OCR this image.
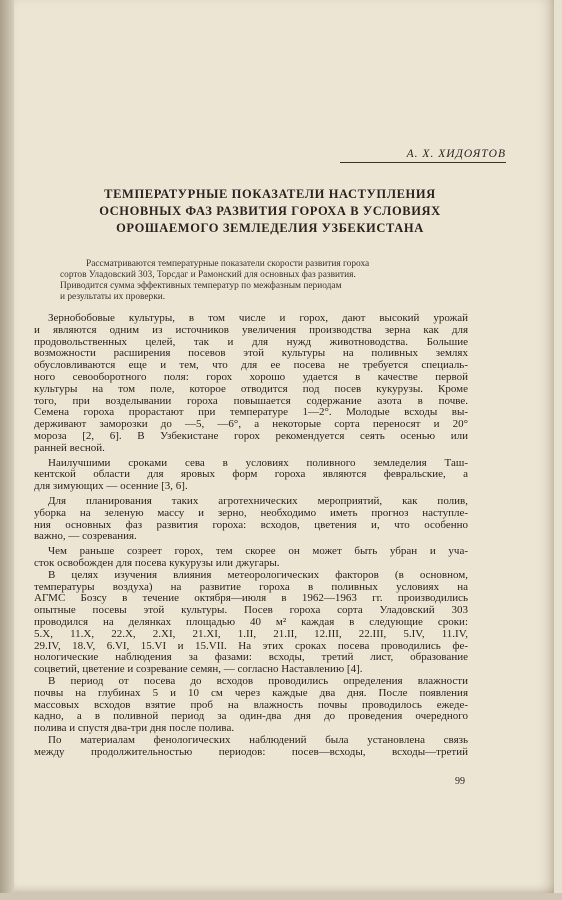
А. Х. ХИДОЯТОВ
ТЕМПЕРАТУРНЫЕ ПОКАЗАТЕЛИ НАСТУПЛЕНИЯ
ОСНОВНЫХ ФАЗ РАЗВИТИЯ ГОРОХА В УСЛОВИЯХ
ОРОШАЕМОГО ЗЕМЛЕДЕЛИЯ УЗБЕКИСТАНА
Рассматриваются температурные показатели скорости развития гороха
сортов Уладовский 303, Торсдаг и Рамонский для основных фаз развития.
Приводится сумма эффективных температур по межфазным периодам
и результаты их проверки.
Зернобобовые культуры, в том числе и горох, дают высокий урожай
и являются одним из источников увеличения производства зерна как для
продовольственных целей, так и для нужд животноводства. Большие
возможности расширения посевов этой культуры на поливных землях
обусловливаются еще и тем, что для ее посева не требуется специаль-
ного севооборотного поля: горох хорошо удается в качестве первой
культуры на том поле, которое отводится под посев кукурузы. Кроме
того, при возделывании гороха повышается содержание азота в почве.
Семена гороха прорастают при температуре 1—2°. Молодые всходы вы-
держивают заморозки до —5, —6°, а некоторые сорта переносят и 20°
мороза [2, 6]. В Узбекистане горох рекомендуется сеять осенью или
ранней весной.
Наилучшими сроками сева в условиях поливного земледелия Таш-
кентской области для яровых форм гороха являются февральские, а
для зимующих — осенние [3, 6].
Для планирования таких агротехнических мероприятий, как полив,
уборка на зеленую массу и зерно, необходимо иметь прогноз наступле-
ния основных фаз развития гороха: всходов, цветения и, что особенно
важно, — созревания.
Чем раньше созреет горох, тем скорее он может быть убран и уча-
сток освобожден для посева кукурузы или джугары.
В целях изучения влияния метеорологических факторов (в основном,
температуры воздуха) на развитие гороха в поливных условиях на
АГМС Бозсу в течение октября—июля в 1962—1963 гг. производились
опытные посевы этой культуры. Посев гороха сорта Уладовский 303
проводился на делянках площадью 40 м² каждая в следующие сроки:
5.X, 11.X, 22.X, 2.XI, 21.XI, 1.II, 21.II, 12.III, 22.III, 5.IV, 11.IV,
29.IV, 18.V, 6.VI, 15.VI и 15.VII. На этих сроках посева проводились фе-
нологические наблюдения за фазами: всходы, третий лист, образование
соцветий, цветение и созревание семян, — согласно Наставлению [4].
В период от посева до всходов проводились определения влажности
почвы на глубинах 5 и 10 см через каждые два дня. После появления
массовых всходов взятие проб на влажность почвы проводилось ежеде-
кадно, а в поливной период за один-два дня до проведения очередного
полива и спустя два-три дня после полива.
По материалам фенологических наблюдений была установлена связь
между продолжительностью периодов: посев—всходы, всходы—третий
99
